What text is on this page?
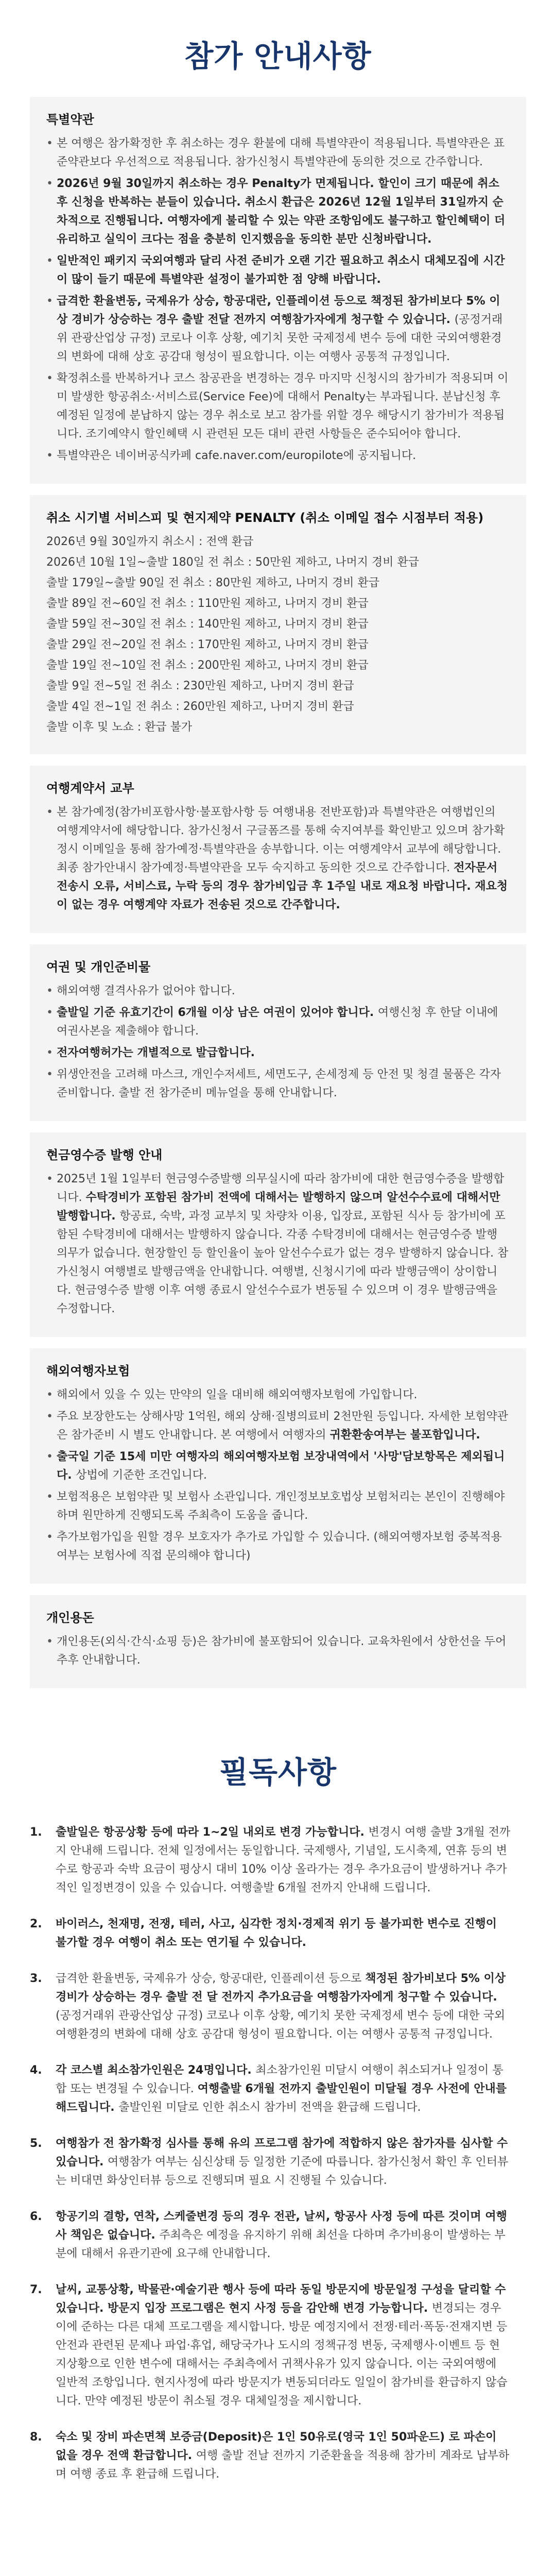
참가 안내사항
특별약관
• 본 여행은 참가확정한 후 취소하는 경우 환불에 대해 특별약관이 적용됩니다. 특별약관은 표준약관보다 우선적으로 적용됩니다. 참가신청시 특별약관에 동의한 것으로 간주합니다.
• 2026년 9월 30일까지 취소하는 경우 Penalty가 면제됩니다. 할인이 크기 때문에 취소 후 신청을 반복하는 분들이 있습니다. 취소시 환급은 2026년 12월 1일부터 31일까지 순차적으로 진행됩니다. 여행자에게 불리할 수 있는 약관 조항임에도 불구하고 할인혜택이 더 유리하고 실익이 크다는 점을 충분히 인지했음을 동의한 분만 신청바랍니다.
• 일반적인 패키지 국외여행과 달리 사전 준비가 오랜 기간 필요하고 취소시 대체모집에 시간이 많이 들기 때문에 특별약관 설정이 불가피한 점 양해 바랍니다.
• 급격한 환율변동, 국제유가 상승, 항공대란, 인플레이션 등으로 책정된 참가비보다 5% 이상 경비가 상승하는 경우 출발 전달 전까지 여행참가자에게 청구할 수 있습니다. (공정거래위 관광산업상 규정) 코로나 이후 상황, 예기치 못한 국제정세 변수 등에 대한 국외여행환경의 변화에 대해 상호 공감대 형성이 필요합니다. 이는 여행사 공통적 규정입니다.
• 확정취소를 반복하거나 코스 참공관을 변경하는 경우 마지막 신청시의 참가비가 적용되며 이미 발생한 항공취소·서비스료(Service Fee)에 대해서 Penalty는 부과됩니다. 분납신청 후 예정된 일정에 분납하지 않는 경우 취소로 보고 참가를 위할 경우 해당시기 참가비가 적용됩니다. 조기예약시 할인혜택 시 관련된 모든 대비 관련 사항들은 준수되어야 합니다.
• 특별약관은 네이버공식카페 cafe.naver.com/europilote에 공지됩니다.
취소 시기별 서비스피 및 현지제약 PENALTY (취소 이메일 접수 시점부터 적용)

2026년 9월 30일까지 취소시 : 전액 환급

2026년 10월 1일~출발 180일 전 취소 : 50만원 제하고, 나머지 경비 환급

출발 179일~출발 90일 전 취소 : 80만원 제하고, 나머지 경비 환급

출발 89일 전~60일 전 취소 : 110만원 제하고, 나머지 경비 환급

출발 59일 전~30일 전 취소 : 140만원 제하고, 나머지 경비 환급

출발 29일 전~20일 전 취소 : 170만원 제하고, 나머지 경비 환급

출발 19일 전~10일 전 취소 : 200만원 제하고, 나머지 경비 환급

출발 9일 전~5일 전 취소 : 230만원 제하고, 나머지 경비 환급

출발 4일 전~1일 전 취소 : 260만원 제하고, 나머지 경비 환급

출발 이후 및 노쇼 : 환급 불가

여행계약서 교부
• 본 참가예정(참가비포함사항·불포함사항 등 여행내용 전반포함)과 특별약관은 여행법인의 여행계약서에 해당합니다. 참가신청서 구글폼즈를 통해 숙지여부를 확인받고 있으며 참가확정시 이메일을 통해 참가예정·특별약관을 송부합니다. 이는 여행계약서 교부에 해당합니다. 최종 참가안내시 참가예정·특별약관을 모두 숙지하고 동의한 것으로 간주합니다. 전자문서 전송시 오류, 서비스료, 누락 등의 경우 참가비입금 후 1주일 내로 재요청 바랍니다. 재요청이 없는 경우 여행계약 자료가 전송된 것으로 간주합니다.
여권 및 개인준비물
• 해외여행 결격사유가 없어야 합니다.
• 출발일 기준 유효기간이 6개월 이상 남은 여권이 있어야 합니다. 여행신청 후 한달 이내에 여권사본을 제출해야 합니다.
• 전자여행허가는 개별적으로 발급합니다.
• 위생안전을 고려해 마스크, 개인수저세트, 세면도구, 손세정제 등 안전 및 청결 물품은 각자 준비합니다. 출발 전 참가준비 메뉴얼을 통해 안내합니다.
현금영수증 발행 안내
• 2025년 1월 1일부터 현금영수증발행 의무실시에 따라 참가비에 대한 현금영수증을 발행합니다. 수탁경비가 포함된 참가비 전액에 대해서는 발행하지 않으며 알선수수료에 대해서만 발행합니다. 항공료, 숙박, 과정 교부치 및 차량차 이용, 입장료, 포함된 식사 등 참가비에 포함된 수탁경비에 대해서는 발행하지 않습니다. 각종 수탁경비에 대해서는 현금영수증 발행 의무가 없습니다. 현장할인 등 할인율이 높아 알선수수료가 없는 경우 발행하지 않습니다. 참가신청시 여행별로 발행금액을 안내합니다. 여행별, 신청시기에 따라 발행금액이 상이합니다. 현금영수증 발행 이후 여행 종료시 알선수수료가 변동될 수 있으며 이 경우 발행금액을 수정합니다.
해외여행자보험
• 해외에서 있을 수 있는 만약의 일을 대비해 해외여행자보험에 가입합니다.
• 주요 보장한도는 상해사망 1억원, 해외 상해·질병의료비 2천만원 등입니다. 자세한 보험약관은 참가준비 시 별도 안내합니다. 본 여행에서 여행자의 귀환환송여부는 불포함입니다.
• 출국일 기준 15세 미만 여행자의 해외여행자보험 보장내역에서 '사망'담보항목은 제외됩니다. 상법에 기준한 조건입니다.
• 보험적용은 보험약관 및 보험사 소관입니다. 개인정보보호법상 보험처리는 본인이 진행해야 하며 원만하게 진행되도록 주최측이 도움을 줍니다.
• 추가보험가입을 원할 경우 보호자가 추가로 가입할 수 있습니다. (해외여행자보험 중복적용 여부는 보험사에 직접 문의해야 합니다)
개인용돈
• 개인용돈(외식·간식·쇼핑 등)은 참가비에 불포함되어 있습니다. 교육차원에서 상한선을 두어 추후 안내합니다.
필독사항
1.	출발일은 항공상황 등에 따라 1~2일 내외로 변경 가능합니다. 변경시 여행 출발 3개월 전까지 안내해 드립니다. 전체 일정에서는 동일합니다. 국제행사, 기념일, 도시축제, 연휴 등의 변수로 항공과 숙박 요금이 평상시 대비 10% 이상 올라가는 경우 추가요금이 발생하거나 추가적인 일정변경이 있을 수 있습니다. 여행출발 6개월 전까지 안내해 드립니다.
2.	바이러스, 천재명, 전쟁, 테러, 사고, 심각한 정치·경제적 위기 등 불가피한 변수로 진행이 불가할 경우 여행이 취소 또는 연기될 수 있습니다.
3.	급격한 환율변동, 국제유가 상승, 항공대란, 인플레이션 등으로 책정된 참가비보다 5% 이상 경비가 상승하는 경우 출발 전 달 전까지 추가요금을 여행참가자에게 청구할 수 있습니다. (공정거래위 관광산업상 규정) 코로나 이후 상황, 예기치 못한 국제정세 변수 등에 대한 국외여행환경의 변화에 대해 상호 공감대 형성이 필요합니다. 이는 여행사 공통적 규정입니다.
4.	각 코스별 최소참가인원은 24명입니다. 최소참가인원 미달시 여행이 취소되거나 일정이 통합 또는 변경될 수 있습니다. 여행출발 6개월 전까지 출발인원이 미달될 경우 사전에 안내를 해드립니다. 출발인원 미달로 인한 취소시 참가비 전액을 환급해 드립니다.
5.	여행참가 전 참가확정 심사를 통해 유의 프로그램 참가에 적합하지 않은 참가자를 심사할 수 있습니다. 여행참가 여부는 심신상태 등 일정한 기준에 따릅니다. 참가신청서 확인 후 인터뷰는 비대면 화상인터뷰 등으로 진행되며 필요 시 진행될 수 있습니다.
6.	항공기의 결항, 연착, 스케줄변경 등의 경우 전관, 날씨, 항공사 사정 등에 따른 것이며 여행사 책임은 없습니다. 주최측은 예정을 유지하기 위해 최선을 다하며 추가비용이 발생하는 부분에 대해서 유관기관에 요구해 안내합니다.
7.	날씨, 교통상황, 박물관·예술기관 행사 등에 따라 동일 방문지에 방문일정 구성을 달리할 수 있습니다. 방문지 입장 프로그램은 현지 사정 등을 감안해 변경 가능합니다. 변경되는 경우 이에 준하는 다른 대체 프로그램을 제시합니다. 방문 예정지에서 전쟁·테러·폭동·전재지변 등 안전과 관련된 문제나 파업·휴업, 해당국가나 도시의 정책규정 변동, 국제행사·이벤트 등 현지상황으로 인한 변수에 대해서는 주최측에서 귀책사유가 있지 않습니다. 이는 국외여행에 일반적 조항입니다. 현지사정에 따라 방문지가 변동되더라도 일일이 참가비를 환급하지 않습니다. 만약 예정된 방문이 취소될 경우 대체일정을 제시합니다.
8.	숙소 및 장비 파손면책 보증금(Deposit)은 1인 50유로(영국 1인 50파운드) 로 파손이 없을 경우 전액 환급합니다. 여행 출발 전날 전까지 기준환율을 적용해 참가비 계좌로 납부하며 여행 종료 후 환급해 드립니다.
